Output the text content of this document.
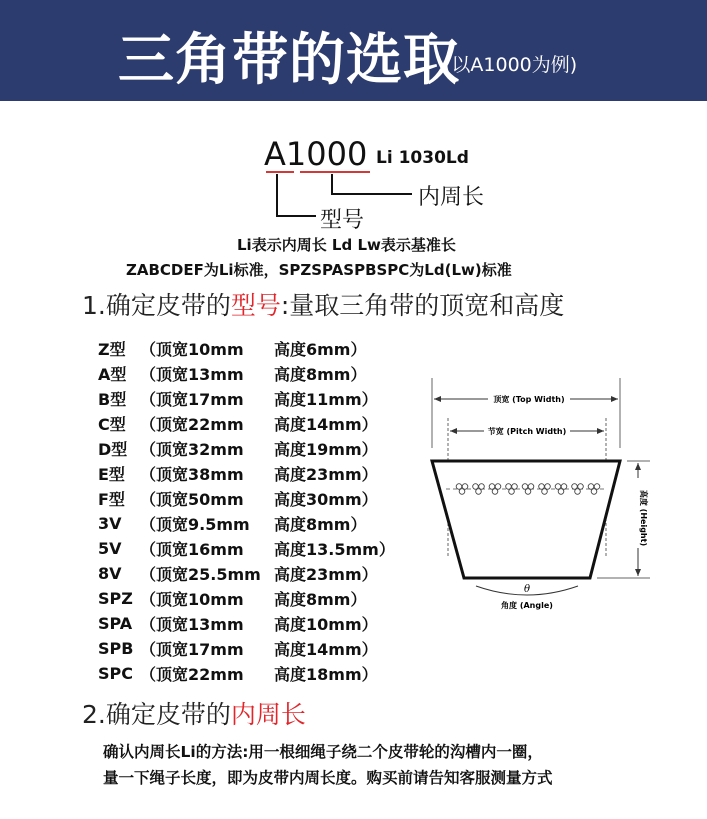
三角带的选取
(以A1000为例)
A1000 Li 1030Ld
内周长
型号
Li表示内周长 Ld Lw表示基准长
ZABCDEF为Li标准，SPZSPASPBSPC为Ld(Lw)标准
1.确定皮带的型号:量取三角带的顶宽和高度
Z型	（顶宽10mm	高度6mm）
A型	（顶宽13mm	高度8mm）
B型	（顶宽17mm	高度11mm）
C型	（顶宽22mm	高度14mm）
D型	（顶宽32mm	高度19mm）
E型	（顶宽38mm	高度23mm）
F型	（顶宽50mm	高度30mm）
3V	（顶宽9.5mm	高度8mm）
5V	（顶宽16mm	高度13.5mm）
8V	（顶宽25.5mm	高度23mm）
SPZ	（顶宽10mm	高度8mm）
SPA	（顶宽13mm	高度10mm）
SPB	（顶宽17mm	高度14mm）
SPC	（顶宽22mm	高度18mm）
顶宽 (Top Width)
节宽 (Pitch Width)
高度 (Height)
θ
角度 (Angle)
2.确定皮带的内周长
确认内周长Li的方法:用一根细绳子绕二个皮带轮的沟槽内一圈，
量一下绳子长度，即为皮带内周长度。购买前请告知客服测量方式
